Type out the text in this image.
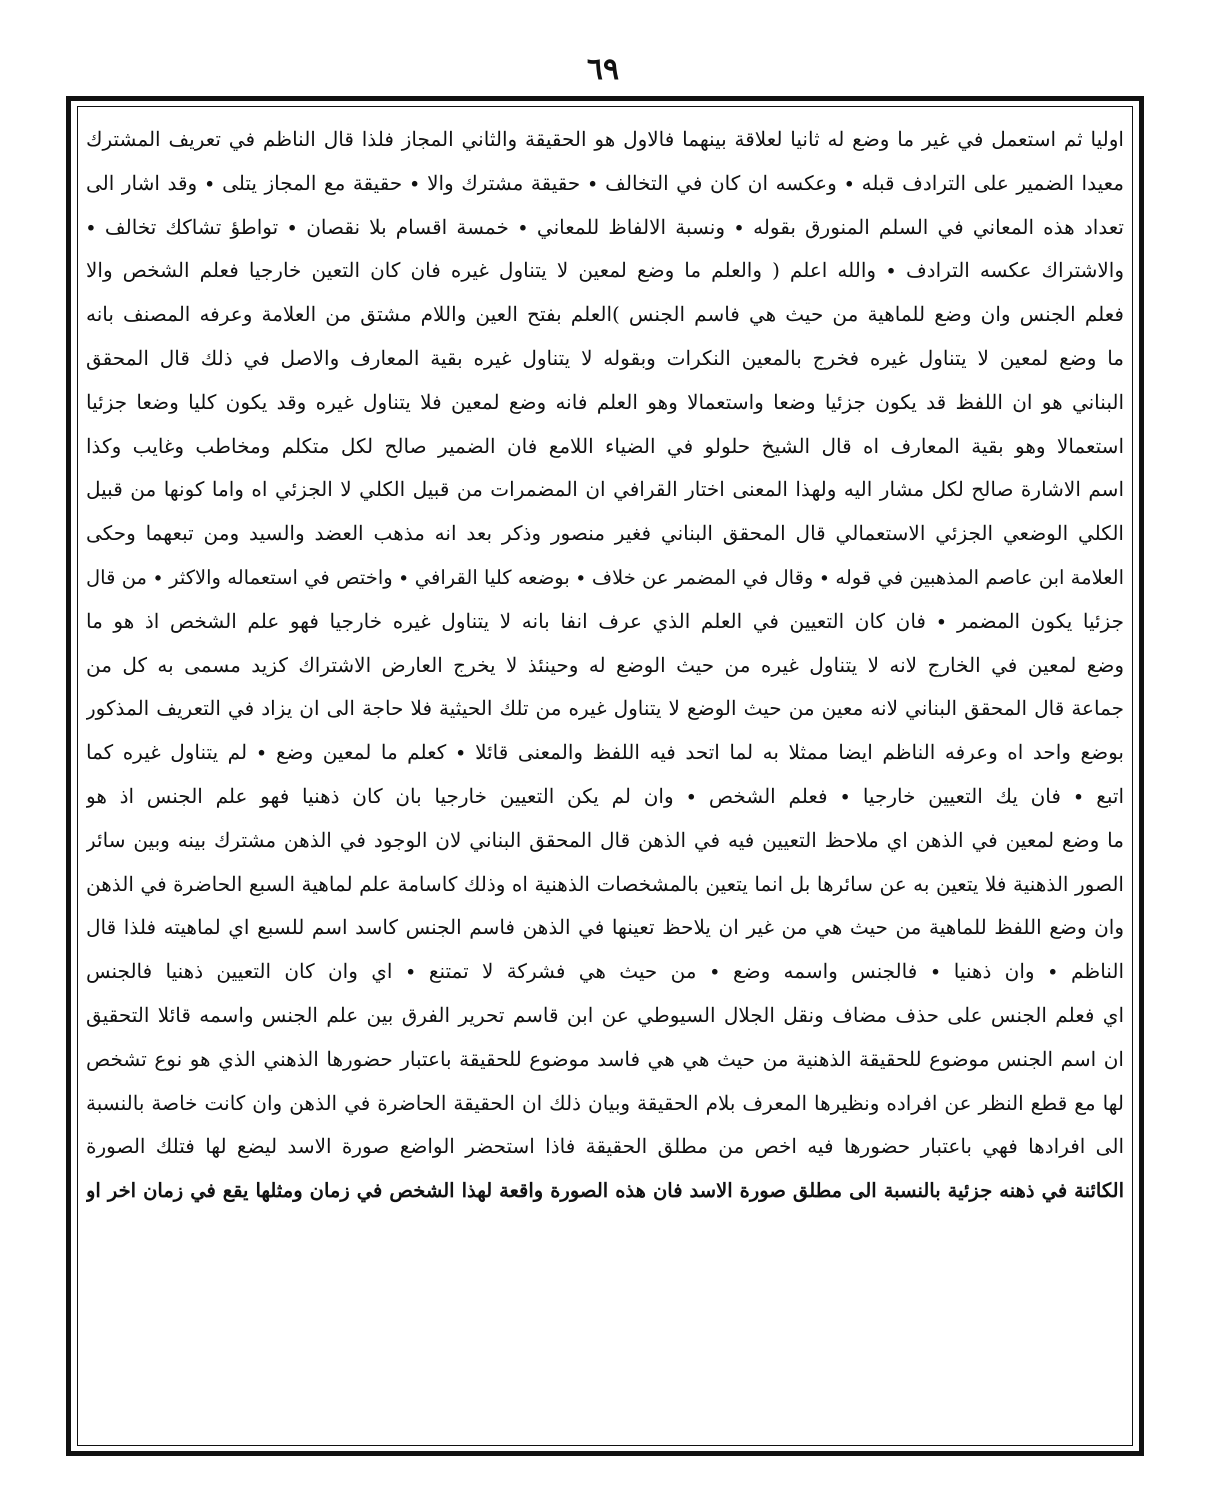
٦٩
اوليا ثم استعمل في غير ما وضع له ثانيا لعلاقة بينهما فالاول هو الحقيقة والثاني المجاز فلذا قال الناظم في تعريف المشترك
معيدا الضمير على الترادف قبله ∙ وعكسه ان كان في التخالف ∙ حقيقة مشترك والا ∙ حقيقة مع المجاز يتلى ∙ وقد اشار الى
تعداد هذه المعاني في السلم المنورق بقوله ∙ ونسبة الالفاظ للمعاني ∙ خمسة اقسام بلا نقصان ∙ تواطؤ تشاكك تخالف ∙
والاشتراك عكسه الترادف ∙ والله اعلم ( والعلم ما وضع لمعين لا يتناول غيره فان كان التعين خارجيا فعلم الشخص والا
فعلم الجنس وان وضع للماهية من حيث هي فاسم الجنس )العلم بفتح العين واللام مشتق من العلامة وعرفه المصنف بانه
ما وضع لمعين لا يتناول غيره فخرج بالمعين النكرات وبقوله لا يتناول غيره بقية المعارف والاصل في ذلك قال المحقق
البناني هو ان اللفظ قد يكون جزئيا وضعا واستعمالا وهو العلم فانه وضع لمعين فلا يتناول غيره وقد يكون كليا وضعا جزئيا
استعمالا وهو بقية المعارف اه قال الشيخ حلولو في الضياء اللامع فان الضمير صالح لكل متكلم ومخاطب وغايب وكذا
اسم الاشارة صالح لكل مشار اليه ولهذا المعنى اختار القرافي ان المضمرات من قبيل الكلي لا الجزئي اه واما كونها من قبيل
الكلي الوضعي الجزئي الاستعمالي قال المحقق البناني فغير منصور وذكر بعد انه مذهب العضد والسيد ومن تبعهما وحكى
العلامة ابن عاصم المذهبين في قوله ∙ وقال في المضمر عن خلاف ∙ بوضعه كليا القرافي ∙ واختص في استعماله والاكثر ∙ من قال
جزئيا يكون المضمر ∙ فان كان التعيين في العلم الذي عرف انفا بانه لا يتناول غيره خارجيا فهو علم الشخص اذ هو ما
وضع لمعين في الخارج لانه لا يتناول غيره من حيث الوضع له وحينئذ لا يخرج العارض الاشتراك كزيد مسمى به كل من
جماعة قال المحقق البناني لانه معين من حيث الوضع لا يتناول غيره من تلك الحيثية فلا حاجة الى ان يزاد في التعريف المذكور
بوضع واحد اه وعرفه الناظم ايضا ممثلا به لما اتحد فيه اللفظ والمعنى قائلا ∙ كعلم ما لمعين وضع ∙ لم يتناول غيره كما
اتبع ∙ فان يك التعيين خارجيا ∙ فعلم الشخص ∙ وان لم يكن التعيين خارجيا بان كان ذهنيا فهو علم الجنس اذ هو
ما وضع لمعين في الذهن اي ملاحظ التعيين فيه في الذهن قال المحقق البناني لان الوجود في الذهن مشترك بينه وبين سائر
الصور الذهنية فلا يتعين به عن سائرها بل انما يتعين بالمشخصات الذهنية اه وذلك كاسامة علم لماهية السبع الحاضرة في الذهن
وان وضع اللفظ للماهية من حيث هي من غير ان يلاحظ تعينها في الذهن فاسم الجنس كاسد اسم للسبع اي لماهيته فلذا قال
الناظم ∙ وان ذهنيا ∙ فالجنس واسمه وضع ∙ من حيث هي فشركة لا تمتنع ∙ اي وان كان التعيين ذهنيا فالجنس
اي فعلم الجنس على حذف مضاف ونقل الجلال السيوطي عن ابن قاسم تحرير الفرق بين علم الجنس واسمه قائلا التحقيق
ان اسم الجنس موضوع للحقيقة الذهنية من حيث هي هي فاسد موضوع للحقيقة باعتبار حضورها الذهني الذي هو نوع تشخص
لها مع قطع النظر عن افراده ونظيرها المعرف بلام الحقيقة وبيان ذلك ان الحقيقة الحاضرة في الذهن وان كانت خاصة بالنسبة
الى افرادها فهي باعتبار حضورها فيه اخص من مطلق الحقيقة فاذا استحضر الواضع صورة الاسد ليضع لها فتلك الصورة
الكائنة في ذهنه جزئية بالنسبة الى مطلق صورة الاسد فان هذه الصورة واقعة لهذا الشخص في زمان ومثلها يقع في زمان اخر او
